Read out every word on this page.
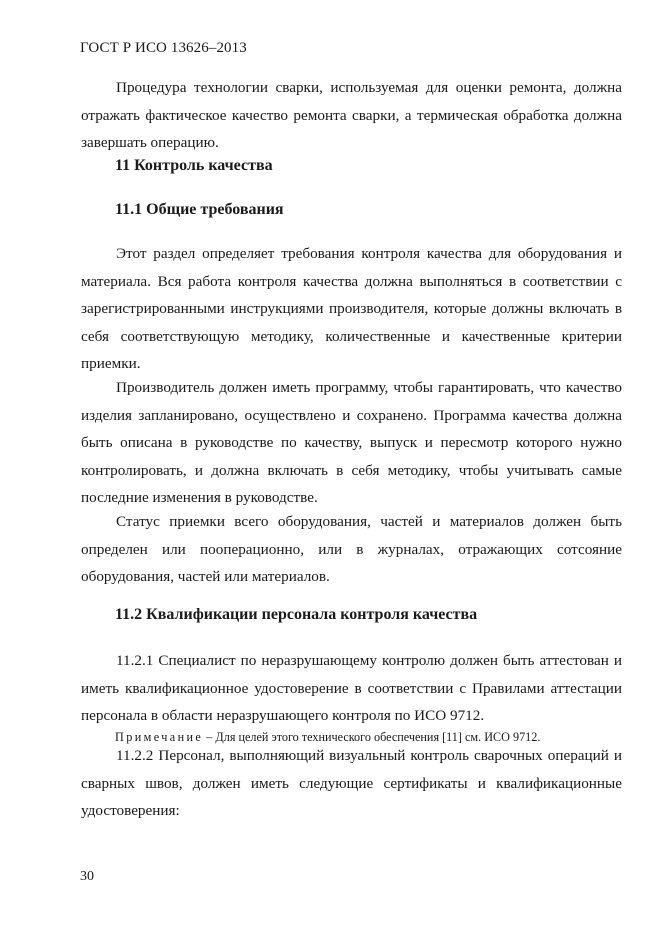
ГОСТ Р ИСО 13626–2013

Процедура технологии сварки, используемая для оценки ремонта, должна отражать фактическое качество ремонта сварки, а термическая обработка должна завершать операцию.

11 Контроль качества
11.1 Общие требования

Этот раздел определяет требования контроля качества для оборудования и материала. Вся работа контроля качества должна выполняться в соответствии с зарегистрированными инструкциями производителя, которые должны включать в себя соответствующую методику, количественные и качественные критерии приемки.

Производитель должен иметь программу, чтобы гарантировать, что качество изделия запланировано, осуществлено и сохранено. Программа качества должна быть описана в руководстве по качеству, выпуск и пересмотр которого нужно контролировать, и должна включать в себя методику, чтобы учитывать самые последние изменения в руководстве.

Статус приемки всего оборудования, частей и материалов должен быть определен или пооперационно, или в журналах, отражающих сотсояние оборудования, частей или материалов.

11.2 Квалификации персонала контроля качества

11.2.1 Специалист по неразрушающему контролю должен быть аттестован и иметь квалификационное удостоверение в соответствии с Правилами аттестации персонала в области неразрушающего контроля по ИСО 9712.

Примечание – Для целей этого технического обеспечения [11] см. ИСО 9712.

11.2.2 Персонал, выполняющий визуальный контроль сварочных операций и сварных швов, должен иметь следующие сертификаты и квалификационные удостоверения:

30
